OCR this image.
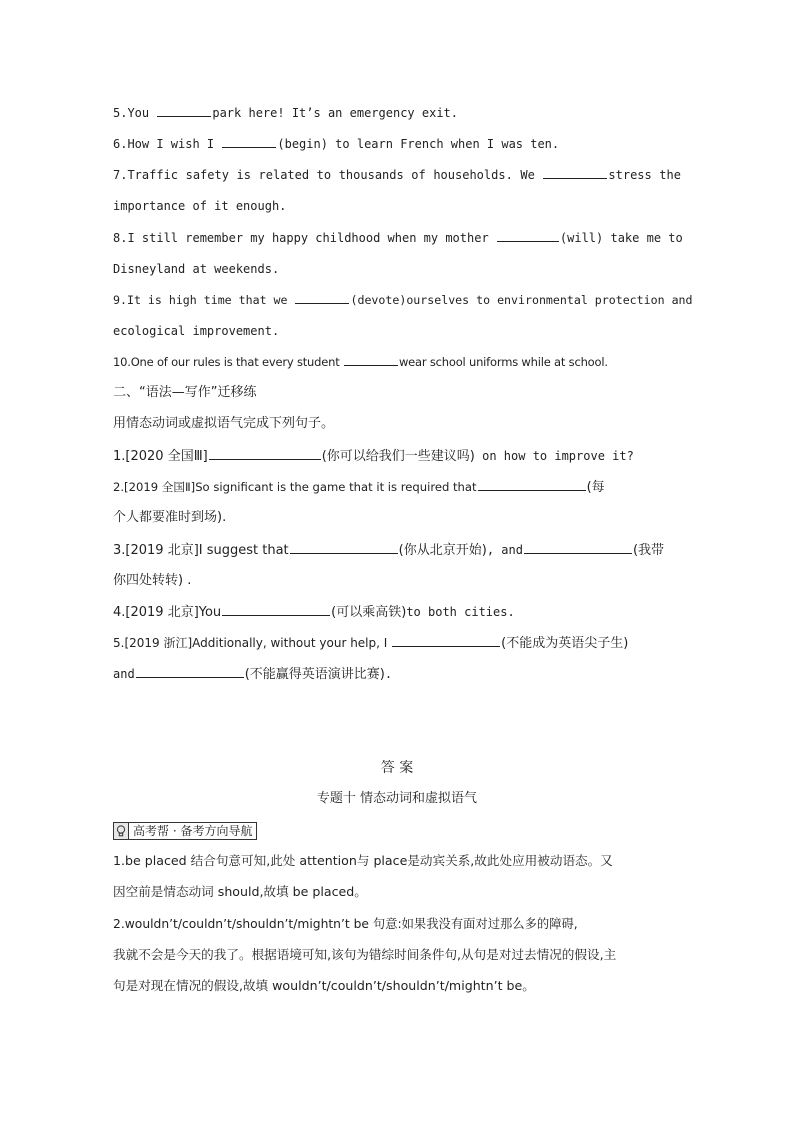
5.You	park here! It’s an emergency exit.
6.How I wish I	(begin) to learn French when I was ten.
7.Traffic safety is related to thousands of households. We	stress the
importance of it enough.
8.I still remember my happy childhood when my mother	(will) take me to
Disneyland at weekends.
9.It is high time that we	(devote)ourselves to environmental protection and
ecological improvement.
10.One of our rules is that every student	wear school uniforms while at school.
二、“语法—写作”迁移练
用情态动词或虚拟语气完成下列句子。
1.[2020 全国Ⅲ]	(你可以给我们一些建议吗) on how to improve it?
2.[2019 全国Ⅱ]So significant is the game that it is required that	(每
个人都要准时到场).
3.[2019 北京]I suggest that	(你从北京开始), and	(我带
你四处转转) .
4.[2019 北京]You	(可以乘高铁)to both cities.
5.[2019 浙江]Additionally, without your help, I	(不能成为英语尖子生)
and	(不能赢得英语演讲比赛).
答 案
专题十 情态动词和虚拟语气
高考帮 · 备考方向导航
1.be placed 结合句意可知,此处 attention与 place是动宾关系,故此处应用被动语态。又
因空前是情态动词 should,故填 be placed。
2.wouldn’t/couldn’t/shouldn’t/mightn’t be 句意:如果我没有面对过那么多的障碍,
我就不会是今天的我了。根据语境可知,该句为错综时间条件句,从句是对过去情况的假设,主
句是对现在情况的假设,故填 wouldn’t/couldn’t/shouldn’t/mightn’t be。
